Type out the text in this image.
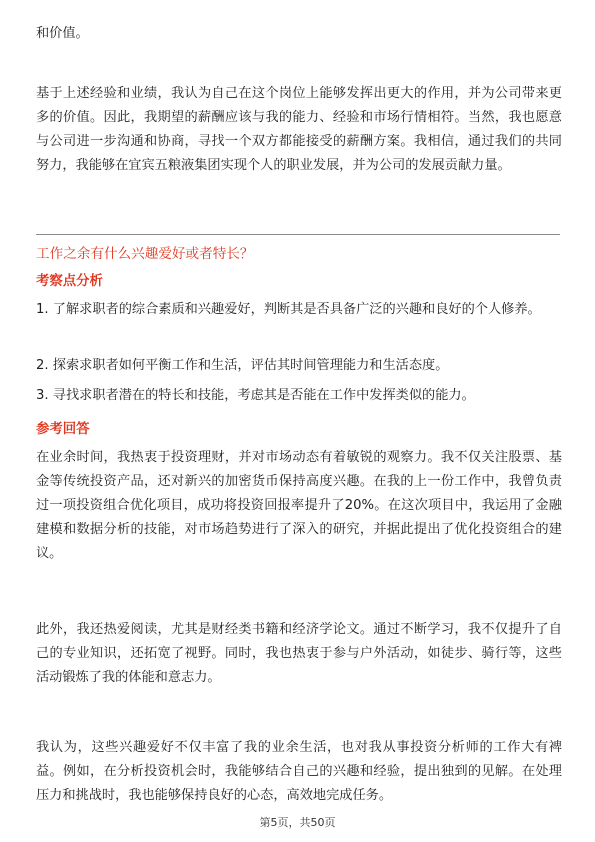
和价值。

基于上述经验和业绩，我认为自己在这个岗位上能够发挥出更大的作用，并为公司带来更多的价值。因此，我期望的薪酬应该与我的能力、经验和市场行情相符。当然，我也愿意与公司进一步沟通和协商，寻找一个双方都能接受的薪酬方案。我相信，通过我们的共同努力，我能够在宜宾五粮液集团实现个人的职业发展，并为公司的发展贡献力量。

工作之余有什么兴趣爱好或者特长？
考察点分析

1. 了解求职者的综合素质和兴趣爱好，判断其是否具备广泛的兴趣和良好的个人修养。

2. 探索求职者如何平衡工作和生活，评估其时间管理能力和生活态度。

3. 寻找求职者潜在的特长和技能，考虑其是否能在工作中发挥类似的能力。

参考回答

在业余时间，我热衷于投资理财，并对市场动态有着敏锐的观察力。我不仅关注股票、基金等传统投资产品，还对新兴的加密货币保持高度兴趣。在我的上一份工作中，我曾负责过一项投资组合优化项目，成功将投资回报率提升了20%。在这次项目中，我运用了金融建模和数据分析的技能，对市场趋势进行了深入的研究，并据此提出了优化投资组合的建议。

此外，我还热爱阅读，尤其是财经类书籍和经济学论文。通过不断学习，我不仅提升了自己的专业知识，还拓宽了视野。同时，我也热衷于参与户外活动，如徒步、骑行等，这些活动锻炼了我的体能和意志力。

我认为，这些兴趣爱好不仅丰富了我的业余生活，也对我从事投资分析师的工作大有裨益。例如，在分析投资机会时，我能够结合自己的兴趣和经验，提出独到的见解。在处理压力和挑战时，我也能够保持良好的心态，高效地完成任务。

第5页，共50页
